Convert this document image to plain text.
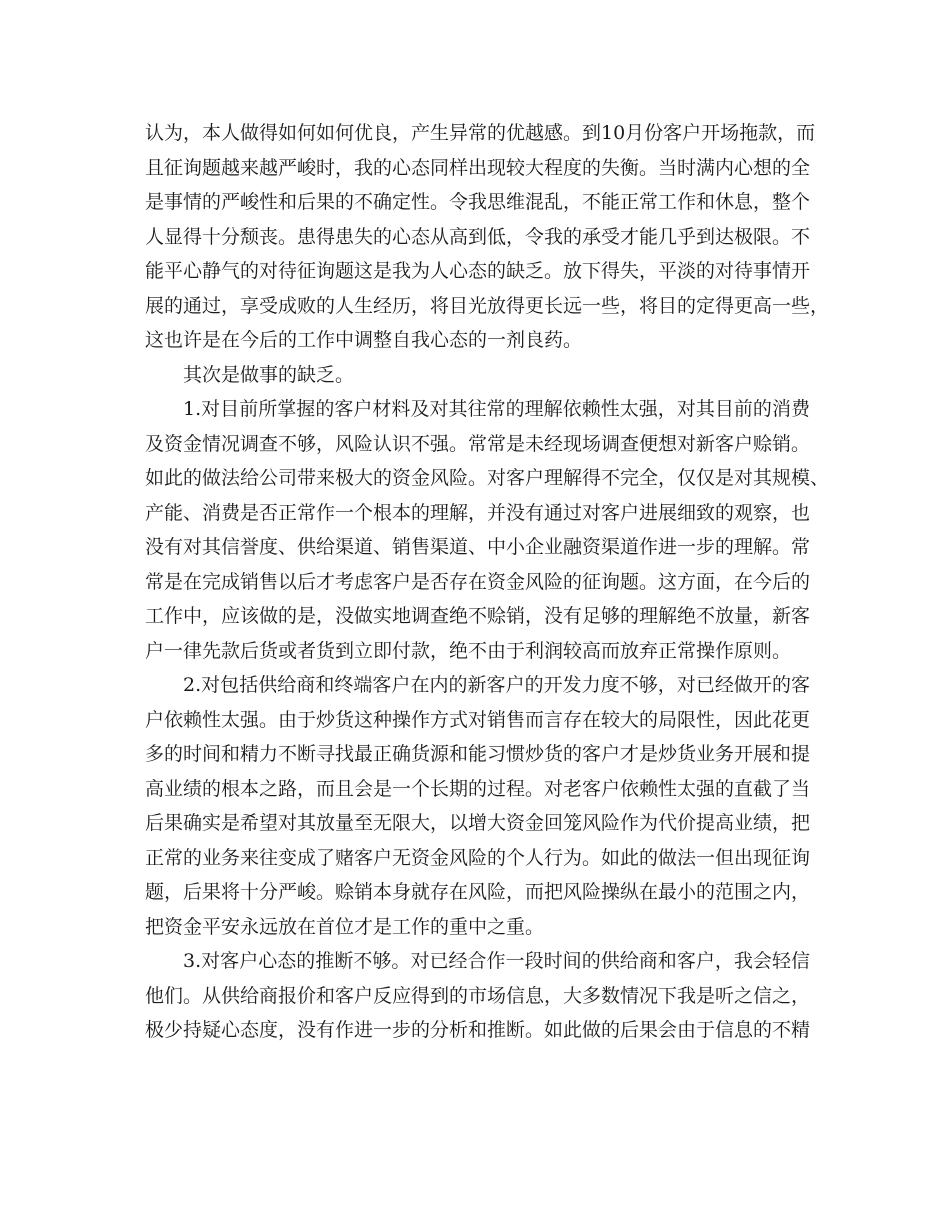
认为，本人做得如何如何优良，产生异常的优越感。到10月份客户开场拖款，而
且征询题越来越严峻时，我的心态同样出现较大程度的失衡。当时满内心想的全
是事情的严峻性和后果的不确定性。令我思维混乱，不能正常工作和休息，整个
人显得十分颓丧。患得患失的心态从高到低，令我的承受才能几乎到达极限。不
能平心静气的对待征询题这是我为人心态的缺乏。放下得失，平淡的对待事情开
展的通过，享受成败的人生经历，将目光放得更长远一些，将目的定得更高一些，
这也许是在今后的工作中调整自我心态的一剂良药。
其次是做事的缺乏。
1.对目前所掌握的客户材料及对其往常的理解依赖性太强，对其目前的消费
及资金情况调查不够，风险认识不强。常常是未经现场调查便想对新客户赊销。
如此的做法给公司带来极大的资金风险。对客户理解得不完全，仅仅是对其规模、
产能、消费是否正常作一个根本的理解，并没有通过对客户进展细致的观察，也
没有对其信誉度、供给渠道、销售渠道、中小企业融资渠道作进一步的理解。常
常是在完成销售以后才考虑客户是否存在资金风险的征询题。这方面，在今后的
工作中，应该做的是，没做实地调查绝不赊销，没有足够的理解绝不放量，新客
户一律先款后货或者货到立即付款，绝不由于利润较高而放弃正常操作原则。
2.对包括供给商和终端客户在内的新客户的开发力度不够，对已经做开的客
户依赖性太强。由于炒货这种操作方式对销售而言存在较大的局限性，因此花更
多的时间和精力不断寻找最正确货源和能习惯炒货的客户才是炒货业务开展和提
高业绩的根本之路，而且会是一个长期的过程。对老客户依赖性太强的直截了当
后果确实是希望对其放量至无限大，以增大资金回笼风险作为代价提高业绩，把
正常的业务来往变成了赌客户无资金风险的个人行为。如此的做法一但出现征询
题，后果将十分严峻。赊销本身就存在风险，而把风险操纵在最小的范围之内，
把资金平安永远放在首位才是工作的重中之重。
3.对客户心态的推断不够。对已经合作一段时间的供给商和客户，我会轻信
他们。从供给商报价和客户反应得到的市场信息，大多数情况下我是听之信之，
极少持疑心态度，没有作进一步的分析和推断。如此做的后果会由于信息的不精
